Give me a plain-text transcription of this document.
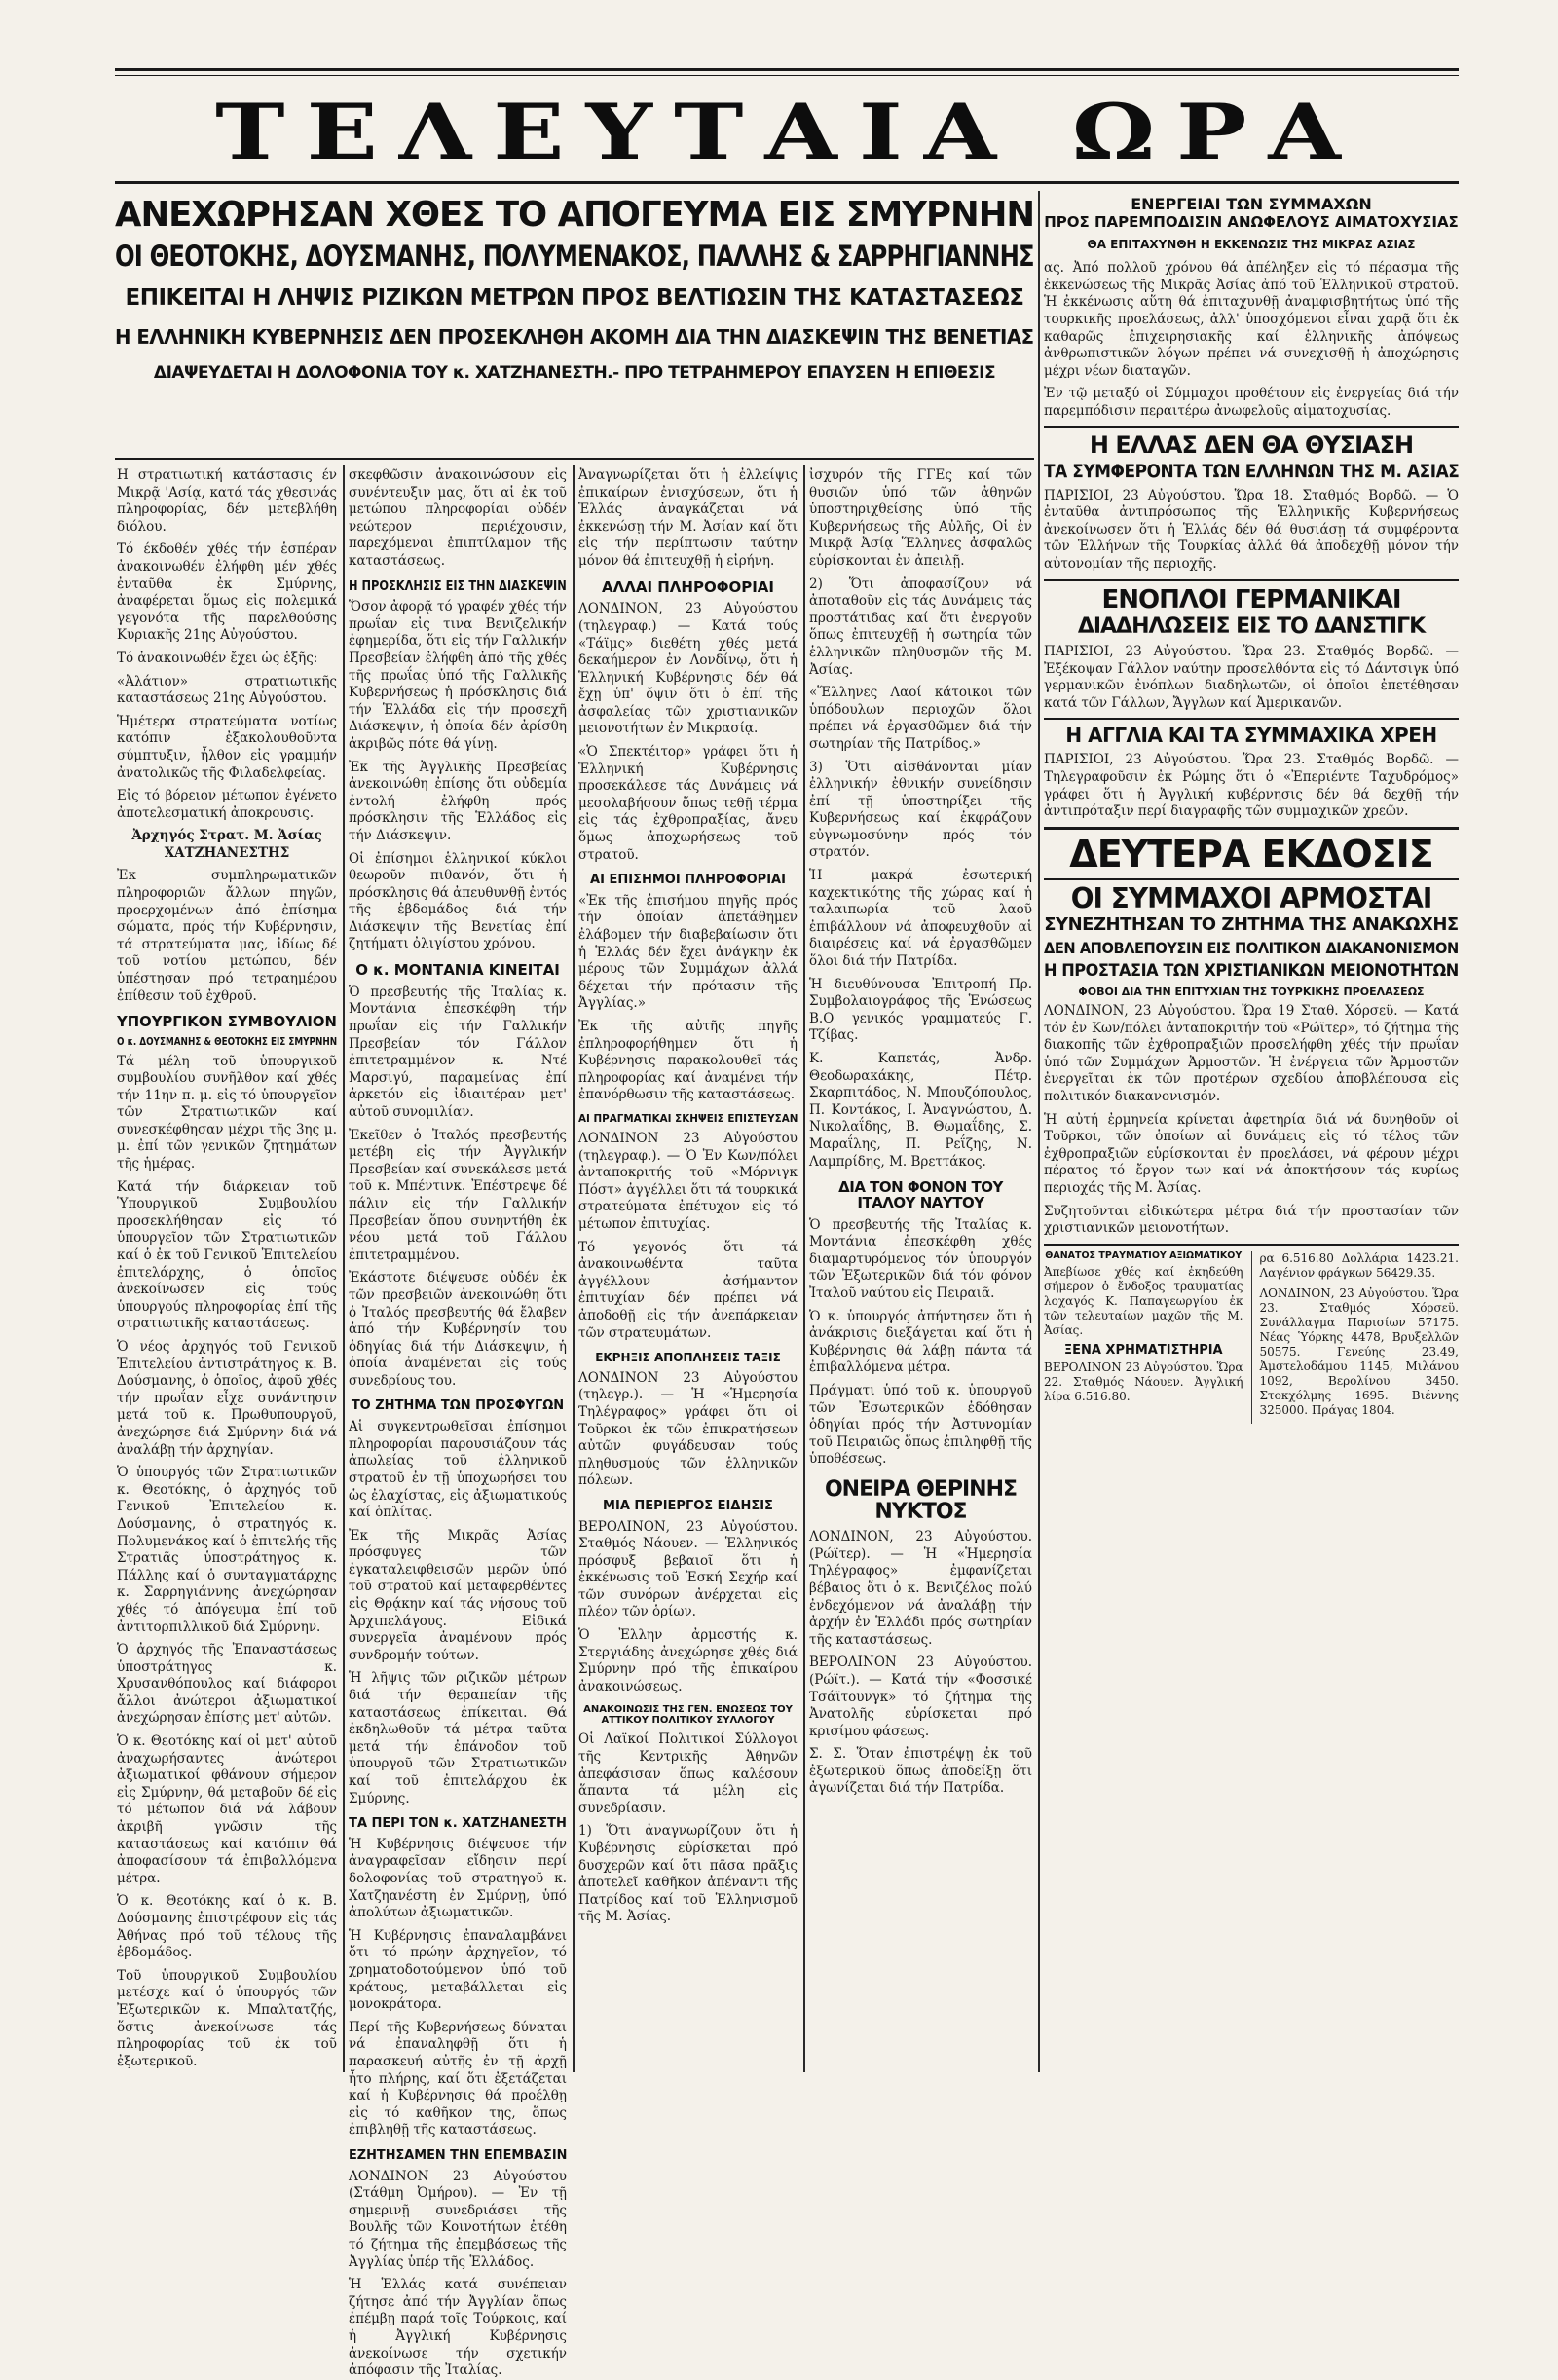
ΤΕΛΕΥΤΑΙΑ ΩΡΑ
ΑΝΕΧΩΡΗΣΑΝ ΧΘΕΣ ΤΟ ΑΠΟΓΕΥΜΑ ΕΙΣ ΣΜΥΡΝΗΝ
ΟΙ ΘΕΟΤΟΚΗΣ, ΔΟΥΣΜΑΝΗΣ, ΠΟΛΥΜΕΝΑΚΟΣ, ΠΑΛΛΗΣ & ΣΑΡΡΗΓΙΑΝΝΗΣ
ΕΠΙΚΕΙΤΑΙ Η ΛΗΨΙΣ ΡΙΖΙΚΩΝ ΜΕΤΡΩΝ ΠΡΟΣ ΒΕΛΤΙΩΣΙΝ ΤΗΣ ΚΑΤΑΣΤΑΣΕΩΣ
Η ΕΛΛΗΝΙΚΗ ΚΥΒΕΡΝΗΣΙΣ ΔΕΝ ΠΡΟΣΕΚΛΗΘΗ ΑΚΟΜΗ ΔΙΑ ΤΗΝ ΔΙΑΣΚΕΨΙΝ ΤΗΣ ΒΕΝΕΤΙΑΣ
ΔΙΑΨΕΥΔΕΤΑΙ Η ΔΟΛΟΦΟΝΙΑ ΤΟΥ κ. ΧΑΤΖΗΑΝΕΣΤΗ.- ΠΡΟ ΤΕΤΡΑΗΜΕΡΟΥ ΕΠΑΥΣΕΝ Η ΕΠΙΘΕΣΙΣ

Η στρατιωτική κατάστασις έν Μικρᾷ 'Ασίᾳ, κατά τάς χθεσινάς πληροφορίας, δέν μετεβλήθη διόλου.

Τό έκδοθέν χθές τήν ἑσπέραν ἀνακοινωθέν ἐλήφθη μέν χθές ἐνταῦθα ἐκ Σμύρνης, ἀναφέρεται ὅμως εἰς πολεμικά γεγονότα τῆς παρελθούσης Κυριακῆς 21ης Αὐγούστου.

Τό ἀνακοινωθέν ἔχει ὡς ἑξῆς:

«Ἀλάτιον» στρατιωτικῆς καταστάσεως 21ης Αὐγούστου.

Ἡμέτερα στρατεύματα νοτίως κατόπιν ἐξακολουθοῦντα σύμπτυξιν, ἦλθον εἰς γραμμήν ἀνατολικῶς τῆς Φιλαδελφείας.

Εἰς τό βόρειον μέτωπον ἐγένετο ἀποτελεσματική ἀποκρουσις.

Ἀρχηγός Στρατ. Μ. Ἀσίας ΧΑΤΖΗΑΝΕΣΤΗΣ

Ἐκ συμπληρωματικῶν πληροφοριῶν ἄλλων πηγῶν, προερχομένων ἀπό ἐπίσημα σώματα, πρός τήν Κυβέρνησιν, τά στρατεύματα μας, ἰδίως δέ τοῦ νοτίου μετώπου, δέν ὑπέστησαν πρό τετραημέρου ἐπίθεσιν τοῦ ἐχθροῦ.

ΥΠΟΥΡΓΙΚΟΝ ΣΥΜΒΟΥΛΙΟΝ
Ο κ. ΔΟΥΣΜΑΝΗΣ & ΘΕΟΤΟΚΗΣ ΕΙΣ ΣΜΥΡΝΗΝ

Τά μέλη τοῦ ὑπουργικοῦ συμβουλίου συνῆλθον καί χθές τήν 11ην π. μ. εἰς τό ὑπουργεῖον τῶν Στρατιωτικῶν καί συνεσκέφθησαν μέχρι τῆς 3ης μ. μ. ἐπί τῶν γενικῶν ζητημάτων τῆς ἡμέρας.

Κατά τήν διάρκειαν τοῦ Ὑπουργικοῦ Συμβουλίου προσεκλήθησαν εἰς τό ὑπουργεῖον τῶν Στρατιωτικῶν καί ὁ ἐκ τοῦ Γενικοῦ Ἐπιτελείου ἐπιτελάρχης, ὁ ὁποῖος ἀνεκοίνωσεν εἰς τούς ὑπουργούς πληροφορίας ἐπί τῆς στρατιωτικῆς καταστάσεως.

Ὁ νέος ἀρχηγός τοῦ Γενικοῦ Ἐπιτελείου ἀντιστράτηγος κ. Β. Δούσμανης, ὁ ὁποῖος, ἀφοῦ χθές τήν πρωΐαν εἶχε συνάντησιν μετά τοῦ κ. Πρωθυπουργοῦ, ἀνεχώρησε διά Σμύρνην διά νά ἀναλάβῃ τήν ἀρχηγίαν.

Ὁ ὑπουργός τῶν Στρατιωτικῶν κ. Θεοτόκης, ὁ ἀρχηγός τοῦ Γενικοῦ Ἐπιτελείου κ. Δούσμανης, ὁ στρατηγός κ. Πολυμενάκος καί ὁ ἐπιτελής τῆς Στρατιᾶς ὑποστράτηγος κ. Πάλλης καί ὁ συνταγματάρχης κ. Σαρρηγιάννης ἀνεχώρησαν χθές τό ἀπόγευμα ἐπί τοῦ ἀντιτορπιλλικοῦ διά Σμύρνην.

Ὁ ἀρχηγός τῆς Ἐπαναστάσεως ὑποστράτηγος κ. Χρυσανθόπουλος καί διάφοροι ἄλλοι ἀνώτεροι ἀξιωματικοί ἀνεχώρησαν ἐπίσης μετ' αὐτῶν.

Ὁ κ. Θεοτόκης καί οἱ μετ' αὐτοῦ ἀναχωρήσαντες ἀνώτεροι ἀξιωματικοί φθάνουν σήμερον εἰς Σμύρνην, θά μεταβοῦν δέ εἰς τό μέτωπον διά νά λάβουν ἀκριβῆ γνῶσιν τῆς καταστάσεως καί κατόπιν θά ἀποφασίσουν τά ἐπιβαλλόμενα μέτρα.

Ὁ κ. Θεοτόκης καί ὁ κ. Β. Δούσμανης ἐπιστρέφουν εἰς τάς Ἀθήνας πρό τοῦ τέλους τῆς ἑβδομάδος.

Τοῦ ὑπουργικοῦ Συμβουλίου μετέσχε καί ὁ ὑπουργός τῶν Ἐξωτερικῶν κ. Μπαλτατζής, ὅστις ἀνεκοίνωσε τάς πληροφορίας τοῦ ἐκ τοῦ ἐξωτερικοῦ.

σκεφθῶσιν ἀνακοινώσουν εἰς συνέντευξιν μας, ὅτι αἱ ἐκ τοῦ μετώπου πληροφορίαι οὐδέν νεώτερον περιέχουσιν, παρεχόμεναι ἐπιπτίλαμον τῆς καταστάσεως.

Η ΠΡΟΣΚΛΗΣΙΣ ΕΙΣ ΤΗΝ ΔΙΑΣΚΕΨΙΝ

Ὅσον ἀφορᾷ τό γραφέν χθές τήν πρωΐαν εἰς τινα Βενιζελικήν ἐφημερίδα, ὅτι εἰς τήν Γαλλικήν Πρεσβείαν ἐλήφθη ἀπό τῆς χθές τῆς πρωΐας ὑπό τῆς Γαλλικῆς Κυβερνήσεως ἡ πρόσκλησις διά τήν Ἑλλάδα εἰς τήν προσεχῆ Διάσκεψιν, ἡ ὁποία δέν ἀρίσθη ἀκριβῶς πότε θά γίνῃ.

Ἐκ τῆς Ἀγγλικῆς Πρεσβείας ἀνεκοινώθη ἐπίσης ὅτι οὐδεμία ἐντολή ἐλήφθη πρός πρόσκλησιν τῆς Ἑλλάδος εἰς τήν Διάσκεψιν.

Οἱ ἐπίσημοι ἑλληνικοί κύκλοι θεωροῦν πιθανόν, ὅτι ἡ πρόσκλησις θά ἀπευθυνθῇ ἐντός τῆς ἑβδομάδος διά τήν Διάσκεψιν τῆς Βενετίας ἐπί ζητήματι ὀλιγίστου χρόνου.

Ο κ. ΜΟΝΤΑΝΙΑ ΚΙΝΕΙΤΑΙ

Ὁ πρεσβευτής τῆς Ἰταλίας κ. Μοντάνια ἐπεσκέφθη τήν πρωΐαν εἰς τήν Γαλλικήν Πρεσβείαν τόν Γάλλον ἐπιτετραμμένον κ. Ντέ Μαρσιγύ, παραμείνας ἐπί ἀρκετόν εἰς ἰδιαιτέραν μετ' αὐτοῦ συνομιλίαν.

Ἐκεῖθεν ὁ Ἰταλός πρεσβευτής μετέβη εἰς τήν Ἀγγλικήν Πρεσβείαν καί συνεκάλεσε μετά τοῦ κ. Μπέντινκ. Ἐπέστρεψε δέ πάλιν εἰς τήν Γαλλικήν Πρεσβείαν ὅπου συνηντήθη ἐκ νέου μετά τοῦ Γάλλου ἐπιτετραμμένου.

Ἐκάστοτε διέψευσε οὐδέν ἐκ τῶν πρεσβειῶν ἀνεκοινώθη ὅτι ὁ Ἰταλός πρεσβευτής θά ἔλαβεν ἀπό τήν Κυβέρνησίν του ὁδηγίας διά τήν Διάσκεψιν, ἡ ὁποία ἀναμένεται εἰς τούς συνεδρίους του.

ΤΟ ΖΗΤΗΜΑ ΤΩΝ ΠΡΟΣΦΥΓΩΝ

Αἱ συγκεντρωθεῖσαι ἐπίσημοι πληροφορίαι παρουσιάζουν τάς ἀπωλείας τοῦ ἑλληνικοῦ στρατοῦ ἐν τῇ ὑποχωρήσει του ὡς ἐλαχίστας, εἰς ἀξιωματικούς καί ὁπλίτας.

Ἐκ τῆς Μικρᾶς Ἀσίας πρόσφυγες τῶν ἐγκαταλειφθεισῶν μερῶν ὑπό τοῦ στρατοῦ καί μεταφερθέντες εἰς Θρᾴκην καί τάς νήσους τοῦ Ἀρχιπελάγους. Εἰδικά συνεργεῖα ἀναμένουν πρός συνδρομήν τούτων.

Ἡ λῆψις τῶν ριζικῶν μέτρων διά τήν θεραπείαν τῆς καταστάσεως ἐπίκειται. Θά ἐκδηλωθοῦν τά μέτρα ταῦτα μετά τήν ἐπάνοδον τοῦ ὑπουργοῦ τῶν Στρατιωτικῶν καί τοῦ ἐπιτελάρχου ἐκ Σμύρνης.

ΤΑ ΠΕΡΙ ΤΟΝ κ. ΧΑΤΖΗΑΝΕΣΤΗ

Ἡ Κυβέρνησις διέψευσε τήν ἀναγραφεῖσαν εἴδησιν περί δολοφονίας τοῦ στρατηγοῦ κ. Χατζηανέστη ἐν Σμύρνῃ, ὑπό ἀπολύτων ἀξιωματικῶν.

Ἡ Κυβέρνησις ἐπαναλαμβάνει ὅτι τό πρώην ἀρχηγεῖον, τό χρηματοδοτούμενον ὑπό τοῦ κράτους, μεταβάλλεται εἰς μονοκράτορα.

Περί τῆς Κυβερνήσεως δύναται νά ἐπαναληφθῇ ὅτι ἡ παρασκευή αὐτῆς ἐν τῇ ἀρχῇ ἦτο πλήρης, καί ὅτι ἐξετάζεται καί ἡ Κυβέρνησις θά προέλθῃ εἰς τό καθῆκον της, ὅπως ἐπιβληθῇ τῆς καταστάσεως.

ΕΖΗΤΗΣΑΜΕΝ ΤΗΝ ΕΠΕΜΒΑΣΙΝ

ΛΟΝΔΙΝΟΝ 23 Αὐγούστου (Στάθμη Ὀμήρου). — Ἐν τῇ σημερινῇ συνεδριάσει τῆς Βουλῆς τῶν Κοινοτήτων ἐτέθη τό ζήτημα τῆς ἐπεμβάσεως τῆς Ἀγγλίας ὑπέρ τῆς Ἑλλάδος.

Ἡ Ἑλλάς κατά συνέπειαν ζήτησε ἀπό τήν Ἀγγλίαν ὅπως ἐπέμβῃ παρά τοῖς Τούρκοις, καί ἡ Ἀγγλική Κυβέρνησις ἀνεκοίνωσε τήν σχετικήν ἀπόφασιν τῆς Ἰταλίας.

Ἀναγνωρίζεται ὅτι ἡ ἐλλείψις ἐπικαίρων ἐνισχύσεων, ὅτι ἡ Ἑλλάς ἀναγκάζεται νά ἐκκενώσῃ τήν Μ. Ἀσίαν καί ὅτι εἰς τήν περίπτωσιν ταύτην μόνον θά ἐπιτευχθῇ ἡ εἰρήνη.

ΑΛΛΑΙ ΠΛΗΡΟΦΟΡΙΑΙ

ΛΟΝΔΙΝΟΝ, 23 Αὐγούστου (τηλεγραφ.) — Κατά τούς «Τάϊμς» διεθέτη χθές μετά δεκαήμερον ἐν Λονδίνῳ, ὅτι ἡ Ἑλληνική Κυβέρνησις δέν θά ἔχῃ ὑπ' ὄψιν ὅτι ὁ ἐπί τῆς ἀσφαλείας τῶν χριστιανικῶν μειονοτήτων ἐν Μικρασίᾳ.

«Ὁ Σπεκτέιτορ» γράφει ὅτι ἡ Ἑλληνική Κυβέρνησις προσεκάλεσε τάς Δυνάμεις νά μεσολαβήσουν ὅπως τεθῇ τέρμα εἰς τάς ἐχθροπραξίας, ἄνευ ὅμως ἀποχωρήσεως τοῦ στρατοῦ.

ΑΙ ΕΠΙΣΗΜΟΙ ΠΛΗΡΟΦΟΡΙΑΙ

«Ἐκ τῆς ἐπισήμου πηγῆς πρός τήν ὁποίαν ἀπετάθημεν ἐλάβομεν τήν διαβεβαίωσιν ὅτι ἡ Ἑλλάς δέν ἔχει ἀνάγκην ἐκ μέρους τῶν Συμμάχων ἀλλά δέχεται τήν πρότασιν τῆς Ἀγγλίας.»

Ἐκ τῆς αὐτῆς πηγῆς ἐπληροφορήθημεν ὅτι ἡ Κυβέρνησις παρακολουθεῖ τάς πληροφορίας καί ἀναμένει τήν ἐπανόρθωσιν τῆς καταστάσεως.

ΑΙ ΠΡΑΓΜΑΤΙΚΑΙ ΣΚΗΨΕΙΣ ΕΠΙΣΤΕΥΣΑΝ

ΛΟΝΔΙΝΟΝ 23 Αὐγούστου (τηλεγραφ.). — Ὁ Ἐν Κων/πόλει ἀνταποκριτής τοῦ «Μόρνιγκ Πόστ» ἀγγέλλει ὅτι τά τουρκικά στρατεύματα ἐπέτυχον εἰς τό μέτωπον ἐπιτυχίας.

Τό γεγονός ὅτι τά ἀνακοινωθέντα ταῦτα ἀγγέλλουν ἀσήμαντον ἐπιτυχίαν δέν πρέπει νά ἀποδοθῇ εἰς τήν ἀνεπάρκειαν τῶν στρατευμάτων.

ΕΚΡΗΞΙΣ ΑΠΟΠΛΗΣΕΙΣ ΤΑΞΙΣ

ΛΟΝΔΙΝΟΝ 23 Αὐγούστου (τηλεγρ.). — Ἡ «Ἡμερησία Τηλέγραφος» γράφει ὅτι οἱ Τοῦρκοι ἐκ τῶν ἐπικρατήσεων αὐτῶν φυγάδευσαν τούς πληθυσμούς τῶν ἑλληνικῶν πόλεων.

ΜΙΑ ΠΕΡΙΕΡΓΟΣ ΕΙΔΗΣΙΣ

ΒΕΡΟΛΙΝΟΝ, 23 Αὐγούστου. Σταθμός Νάουεν. — Ἑλληνικός πρόσφυξ βεβαιοῖ ὅτι ἡ ἐκκένωσις τοῦ Ἐσκή Σεχήρ καί τῶν συνόρων ἀνέρχεται εἰς πλέον τῶν ὁρίων.

Ὁ Ἐλλην ἀρμοστής κ. Στεργιάδης ἀνεχώρησε χθές διά Σμύρνην πρό τῆς ἐπικαίρου ἀνακοινώσεως.

ΑΝΑΚΟΙΝΩΣΙΣ ΤΗΣ ΓΕΝ. ΕΝΩΣΕΩΣ ΤΟΥ ΑΤΤΙΚΟΥ ΠΟΛΙΤΙΚΟΥ ΣΥΛΛΟΓΟΥ

Οἱ Λαϊκοί Πολιτικοί Σύλλογοι τῆς Κεντρικῆς Ἀθηνῶν ἀπεφάσισαν ὅπως καλέσουν ἅπαντα τά μέλη εἰς συνεδρίασιν.

1) Ὅτι ἀναγνωρίζουν ὅτι ἡ Κυβέρνησις εὑρίσκεται πρό δυσχερῶν καί ὅτι πᾶσα πρᾶξις ἀποτελεῖ καθῆκον ἀπέναντι τῆς Πατρίδος καί τοῦ Ἑλληνισμοῦ τῆς Μ. Ἀσίας.

ἰσχυρόν τῆς ΓΓΕς καί τῶν θυσιῶν ὑπό τῶν ἀθηνῶν ὑποστηριχθείσης ὑπό τῆς Κυβερνήσεως τῆς Αὐλῆς, Οἱ ἐν Μικρᾷ Ἀσίᾳ Ἕλληνες ἀσφαλῶς εὑρίσκονται ἐν ἀπειλῇ.

2) Ὅτι ἀποφασίζουν νά ἀποταθοῦν εἰς τάς Δυνάμεις τάς προστάτιδας καί ὅτι ἐνεργοῦν ὅπως ἐπιτευχθῇ ἡ σωτηρία τῶν ἑλληνικῶν πληθυσμῶν τῆς Μ. Ἀσίας.

«Ἕλληνες Λαοί κάτοικοι τῶν ὑπόδουλων περιοχῶν ὅλοι πρέπει νά ἐργασθῶμεν διά τήν σωτηρίαν τῆς Πατρίδος.»

3) Ὅτι αἰσθάνονται μίαν ἐλληνικήν ἐθνικήν συνείδησιν ἐπί τῇ ὑποστηρίξει τῆς Κυβερνήσεως καί ἐκφράζουν εὐγνωμοσύνην πρός τόν στρατόν.

Ἡ μακρά ἐσωτερική καχεκτικότης τῆς χώρας καί ἡ ταλαιπωρία τοῦ λαοῦ ἐπιβάλλουν νά ἀποφευχθοῦν αἱ διαιρέσεις καί νά ἐργασθῶμεν ὅλοι διά τήν Πατρίδα.

Ἡ διευθύνουσα Ἐπιτροπή Πρ. Συμβολαιογράφος τῆς Ἑνώσεως Β.Ο γενικός γραμματεύς Γ. Τζίβας.

Κ. Καπετάς, Ἀνδρ. Θεοδωρακάκης, Πέτρ. Σκαρπιτάδος, Ν. Μπουζόπουλος, Π. Κοντάκος, Ι. Ἀναγνώστου, Δ. Νικολαΐδης, Β. Θωμαΐδης, Σ. Μαραΐλης, Π. Ρεΐζης, Ν. Λαμπρίδης, Μ. Βρεττάκος.

ΔΙΑ ΤΟΝ ΦΟΝΟΝ ΤΟΥ ΙΤΑΛΟΥ ΝΑΥΤΟΥ

Ὁ πρεσβευτής τῆς Ἰταλίας κ. Μοντάνια ἐπεσκέφθη χθές διαμαρτυρόμενος τόν ὑπουργόν τῶν Ἐξωτερικῶν διά τόν φόνον Ἰταλοῦ ναύτου εἰς Πειραιᾶ.

Ὁ κ. ὑπουργός ἀπήντησεν ὅτι ἡ ἀνάκρισις διεξάγεται καί ὅτι ἡ Κυβέρνησις θά λάβῃ πάντα τά ἐπιβαλλόμενα μέτρα.

Πράγματι ὑπό τοῦ κ. ὑπουργοῦ τῶν Ἐσωτερικῶν ἐδόθησαν ὁδηγίαι πρός τήν Ἀστυνομίαν τοῦ Πειραιῶς ὅπως ἐπιληφθῇ τῆς ὑποθέσεως.

ΟΝΕΙΡΑ ΘΕΡΙΝΗΣ ΝΥΚΤΟΣ

ΛΟΝΔΙΝΟΝ, 23 Αὐγούστου. (Ρώϊτερ). — Ἡ «Ἡμερησία Τηλέγραφος» ἐμφανίζεται βέβαιος ὅτι ὁ κ. Βενιζέλος πολύ ἐνδεχόμενον νά ἀναλάβῃ τήν ἀρχήν ἐν Ἑλλάδι πρός σωτηρίαν τῆς καταστάσεως.

ΒΕΡΟΛΙΝΟΝ 23 Αὐγούστου. (Ρώϊτ.). — Κατά τήν «Φοσσικέ Τσάϊτουνγκ» τό ζήτημα τῆς Ἀνατολῆς εὑρίσκεται πρό κρισίμου φάσεως.

Σ. Σ. Ὅταν ἐπιστρέψῃ ἐκ τοῦ ἐξωτερικοῦ ὅπως ἀποδείξῃ ὅτι ἀγωνίζεται διά τήν Πατρίδα.

ΕΝΕΡΓΕΙΑΙ ΤΩΝ ΣΥΜΜΑΧΩΝ
ΠΡΟΣ ΠΑΡΕΜΠΟΔΙΣΙΝ ΑΝΩΦΕΛΟΥΣ ΑΙΜΑΤΟΧΥΣΙΑΣ
ΘΑ ΕΠΙΤΑΧΥΝΘΗ Η ΕΚΚΕΝΩΣΙΣ ΤΗΣ ΜΙΚΡΑΣ ΑΣΙΑΣ

ας. Ἀπό πολλοῦ χρόνου θά ἀπέληξεν εἰς τό πέρασμα τῆς ἐκκενώσεως τῆς Μικρᾶς Ἀσίας ἀπό τοῦ Ἑλληνικοῦ στρατοῦ. Ἡ ἐκκένωσις αὕτη θά ἐπιταχυνθῇ ἀναμφισβητήτως ὑπό τῆς τουρκικῆς προελάσεως, ἀλλ' ὑποσχόμενοι εἶναι χαρᾷ ὅτι ἐκ καθαρῶς ἐπιχειρησιακῆς καί ἑλληνικῆς ἀπόψεως ἀνθρωπιστικῶν λόγων πρέπει νά συνεχισθῇ ἡ ἀποχώρησις μέχρι νέων διαταγῶν.

Ἐν τῷ μεταξύ οἱ Σύμμαχοι προθέτουν εἰς ἐνεργείας διά τήν παρεμπόδισιν περαιτέρω ἀνωφελοῦς αἱματοχυσίας.

Η ΕΛΛΑΣ ΔΕΝ ΘΑ ΘΥΣΙΑΣΗ
ΤΑ ΣΥΜΦΕΡΟΝΤΑ ΤΩΝ ΕΛΛΗΝΩΝ ΤΗΣ Μ. ΑΣΙΑΣ

ΠΑΡΙΣΙΟΙ, 23 Αὐγούστου. Ὥρα 18. Σταθμός Βορδῶ. — Ὁ ἐνταῦθα ἀντιπρόσωπος τῆς Ἑλληνικῆς Κυβερνήσεως ἀνεκοίνωσεν ὅτι ἡ Ἑλλάς δέν θά θυσιάσῃ τά συμφέροντα τῶν Ἑλλήνων τῆς Τουρκίας ἀλλά θά ἀποδεχθῇ μόνον τήν αὐτονομίαν τῆς περιοχῆς.

ΕΝΟΠΛΟΙ ΓΕΡΜΑΝΙΚΑΙ
ΔΙΑΔΗΛΩΣΕΙΣ ΕΙΣ ΤΟ ΔΑΝΣΤΙΓΚ

ΠΑΡΙΣΙΟΙ, 23 Αὐγούστου. Ὥρα 23. Σταθμός Βορδῶ. — Ἐξέκοψαν Γάλλον ναύτην προσελθόντα εἰς τό Δάντσιγκ ὑπό γερμανικῶν ἐνόπλων διαδηλωτῶν, οἱ ὁποῖοι ἐπετέθησαν κατά τῶν Γάλλων, Ἄγγλων καί Ἀμερικανῶν.

Η ΑΓΓΛΙΑ ΚΑΙ ΤΑ ΣΥΜΜΑΧΙΚΑ ΧΡΕΗ

ΠΑΡΙΣΙΟΙ, 23 Αὐγούστου. Ὥρα 23. Σταθμός Βορδῶ. — Τηλεγραφοῦσιν ἐκ Ρώμης ὅτι ὁ «Ἐπεριέντε Ταχυδρόμος» γράφει ὅτι ἡ Ἀγγλική κυβέρνησις δέν θά δεχθῇ τήν ἀντιπρόταξιν περί διαγραφῆς τῶν συμμαχικῶν χρεῶν.

ΔΕΥΤΕΡΑ ΕΚΔΟΣΙΣ
ΟΙ ΣΥΜΜΑΧΟΙ ΑΡΜΟΣΤΑΙ
ΣΥΝΕΖΗΤΗΣΑΝ ΤΟ ΖΗΤΗΜΑ ΤΗΣ ΑΝΑΚΩΧΗΣ
ΔΕΝ ΑΠΟΒΛΕΠΟΥΣΙΝ ΕΙΣ ΠΟΛΙΤΙΚΟΝ ΔΙΑΚΑΝΟΝΙΣΜΟΝ
Η ΠΡΟΣΤΑΣΙΑ ΤΩΝ ΧΡΙΣΤΙΑΝΙΚΩΝ ΜΕΙΟΝΟΤΗΤΩΝ
ΦΟΒΟΙ ΔΙΑ ΤΗΝ ΕΠΙΤΥΧΙΑΝ ΤΗΣ ΤΟΥΡΚΙΚΗΣ ΠΡΟΕΛΑΣΕΩΣ

ΛΟΝΔΙΝΟΝ, 23 Αὐγούστου. Ὥρα 19 Σταθ. Χόρσεϋ. — Κατά τόν ἐν Κων/πόλει ἀνταποκριτήν τοῦ «Ρώϊτερ», τό ζήτημα τῆς διακοπῆς τῶν ἐχθροπραξιῶν προσελήφθη χθές τήν πρωΐαν ὑπό τῶν Συμμάχων Ἀρμοστῶν. Ἡ ἐνέργεια τῶν Ἀρμοστῶν ἐνεργεῖται ἐκ τῶν προτέρων σχεδίου ἀποβλέπουσα εἰς πολιτικόν διακανονισμόν.

Ἡ αὐτή ἐρμηνεία κρίνεται ἀφετηρία διά νά δυνηθοῦν οἱ Τοῦρκοι, τῶν ὁποίων αἱ δυνάμεις εἰς τό τέλος τῶν ἐχθροπραξιῶν εὑρίσκονται ἐν προελάσει, νά φέρουν μέχρι πέρατος τό ἔργον των καί νά ἀποκτήσουν τάς κυρίως περιοχάς τῆς Μ. Ἀσίας.

Συζητοῦνται εἰδικώτερα μέτρα διά τήν προστασίαν τῶν χριστιανικῶν μειονοτήτων.

ΘΑΝΑΤΟΣ ΤΡΑΥΜΑΤΙΟΥ ΑΞΙΩΜΑΤΙΚΟΥ

Ἀπεβίωσε χθές καί ἐκηδεύθη σήμερον ὁ ἔνδοξος τραυματίας λοχαγός Κ. Παπαγεωργίου ἐκ τῶν τελευταίων μαχῶν τῆς Μ. Ἀσίας.

ΞΕΝΑ ΧΡΗΜΑΤΙΣΤΗΡΙΑ

ΒΕΡΟΛΙΝΟΝ 23 Αὐγούστου. Ὥρα 22. Σταθμός Νάουεν. Ἀγγλική λίρα 6.516.80.

ρα 6.516.80 Δολλάρια 1423.21. Λαγένιον φράγκων 56429.35.

ΛΟΝΔΙΝΟΝ, 23 Αὐγούστου. Ὥρα 23. Σταθμός Χόρσεϋ. Συνάλλαγμα Παρισίων 57175. Νέας Ὑόρκης 4478, Βρυξελλῶν 50575. Γενεύης 23.49, Ἀμστελοδάμου 1145, Μιλάνου 1092, Βερολίνου 3450. Στοκχόλμης 1695. Βιέννης 325000. Πράγας 1804.
